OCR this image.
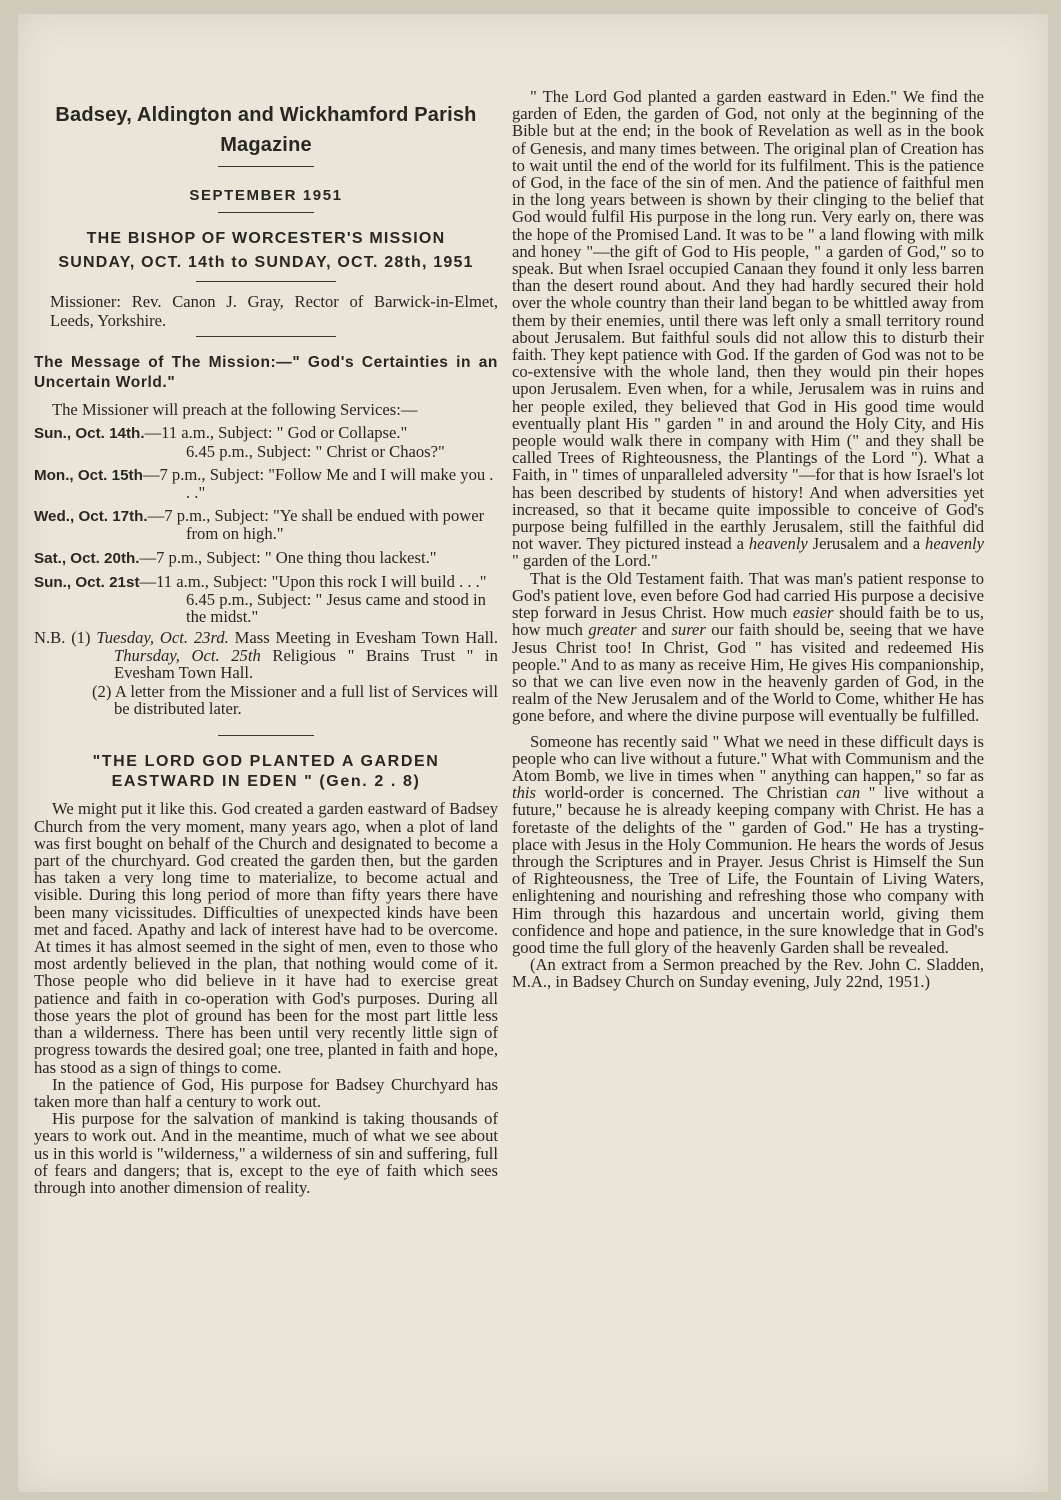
Badsey, Aldington and Wickhamford Parish
Magazine
SEPTEMBER 1951
THE BISHOP OF WORCESTER'S MISSION
SUNDAY, OCT. 14th to SUNDAY, OCT. 28th, 1951

Missioner: Rev. Canon J. Gray, Rector of Barwick-in-Elmet, Leeds, Yorkshire.

The Message of The Mission:—" God's Certainties in an Uncertain World."

The Missioner will preach at the following Services:—

Sun., Oct. 14th.—11 a.m., Subject: " God or Collapse."
6.45 p.m., Subject: " Christ or Chaos?"
Mon., Oct. 15th—7 p.m., Subject: "Follow Me and I will make you . . ."
Wed., Oct. 17th.—7 p.m., Subject: "Ye shall be endued with power from on high."
Sat., Oct. 20th.—7 p.m., Subject: " One thing thou lackest."
Sun., Oct. 21st—11 a.m., Subject: "Upon this rock I will build . . ."
6.45 p.m., Subject: " Jesus came and stood in the midst."

N.B. (1) Tuesday, Oct. 23rd. Mass Meeting in Evesham Town Hall. Thursday, Oct. 25th Religious " Brains Trust " in Evesham Town Hall.

(2) A letter from the Missioner and a full list of Services will be distributed later.

"THE LORD GOD PLANTED A GARDEN
EASTWARD IN EDEN " (Gen. 2 . 8)

We might put it like this. God created a garden eastward of Badsey Church from the very moment, many years ago, when a plot of land was first bought on behalf of the Church and designated to become a part of the churchyard. God created the garden then, but the garden has taken a very long time to materialize, to become actual and visible. During this long period of more than fifty years there have been many vicissitudes. Difficulties of unexpected kinds have been met and faced. Apathy and lack of interest have had to be overcome. At times it has almost seemed in the sight of men, even to those who most ardently believed in the plan, that nothing would come of it. Those people who did believe in it have had to exercise great patience and faith in co-operation with God's purposes. During all those years the plot of ground has been for the most part little less than a wilderness. There has been until very recently little sign of progress towards the desired goal; one tree, planted in faith and hope, has stood as a sign of things to come.

In the patience of God, His purpose for Badsey Churchyard has taken more than half a century to work out.

His purpose for the salvation of mankind is taking thousands of years to work out. And in the meantime, much of what we see about us in this world is "wilderness," a wilderness of sin and suffering, full of fears and dangers; that is, except to the eye of faith which sees through into another dimension of reality.

" The Lord God planted a garden eastward in Eden." We find the garden of Eden, the garden of God, not only at the beginning of the Bible but at the end; in the book of Revelation as well as in the book of Genesis, and many times between. The original plan of Creation has to wait until the end of the world for its fulfilment. This is the patience of God, in the face of the sin of men. And the patience of faithful men in the long years between is shown by their clinging to the belief that God would fulfil His purpose in the long run. Very early on, there was the hope of the Promised Land. It was to be " a land flowing with milk and honey "—the gift of God to His people, " a garden of God," so to speak. But when Israel occupied Canaan they found it only less barren than the desert round about. And they had hardly secured their hold over the whole country than their land began to be whittled away from them by their enemies, until there was left only a small territory round about Jerusalem. But faithful souls did not allow this to disturb their faith. They kept patience with God. If the garden of God was not to be co-extensive with the whole land, then they would pin their hopes upon Jerusalem. Even when, for a while, Jerusalem was in ruins and her people exiled, they believed that God in His good time would eventually plant His " garden " in and around the Holy City, and His people would walk there in company with Him (" and they shall be called Trees of Righteousness, the Plantings of the Lord "). What a Faith, in " times of unparalleled adversity "—for that is how Israel's lot has been described by students of history! And when adversities yet increased, so that it became quite impossible to conceive of God's purpose being fulfilled in the earthly Jerusalem, still the faithful did not waver. They pictured instead a heavenly Jerusalem and a heavenly " garden of the Lord."

That is the Old Testament faith. That was man's patient response to God's patient love, even before God had carried His purpose a decisive step forward in Jesus Christ. How much easier should faith be to us, how much greater and surer our faith should be, seeing that we have Jesus Christ too! In Christ, God " has visited and redeemed His people." And to as many as receive Him, He gives His companionship, so that we can live even now in the heavenly garden of God, in the realm of the New Jerusalem and of the World to Come, whither He has gone before, and where the divine purpose will eventually be fulfilled.

Someone has recently said " What we need in these difficult days is people who can live without a future." What with Communism and the Atom Bomb, we live in times when " anything can happen," so far as this world-order is concerned. The Christian can " live without a future," because he is already keeping company with Christ. He has a foretaste of the delights of the " garden of God." He has a trysting-place with Jesus in the Holy Communion. He hears the words of Jesus through the Scriptures and in Prayer. Jesus Christ is Himself the Sun of Righteousness, the Tree of Life, the Fountain of Living Waters, enlightening and nourishing and refreshing those who company with Him through this hazardous and uncertain world, giving them confidence and hope and patience, in the sure knowledge that in God's good time the full glory of the heavenly Garden shall be revealed.

(An extract from a Sermon preached by the Rev. John C. Sladden, M.A., in Badsey Church on Sunday evening, July 22nd, 1951.)
